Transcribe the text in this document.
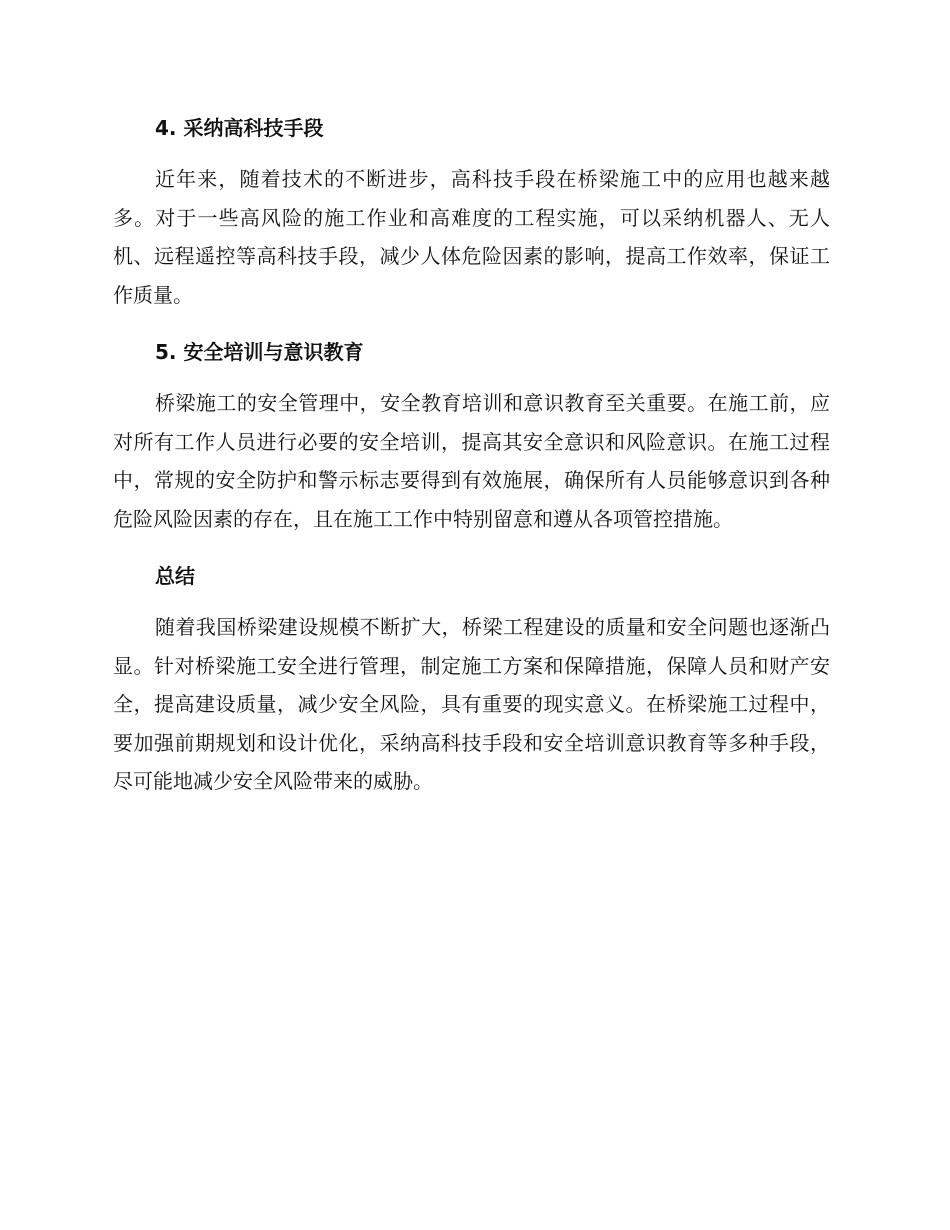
4. 采纳高科技手段

近年来，随着技术的不断进步，高科技手段在桥梁施工中的应用也越来越多。对于一些高风险的施工作业和高难度的工程实施，可以采纳机器人、无人机、远程遥控等高科技手段，减少人体危险因素的影响，提高工作效率，保证工作质量。

5. 安全培训与意识教育

桥梁施工的安全管理中，安全教育培训和意识教育至关重要。在施工前，应对所有工作人员进行必要的安全培训，提高其安全意识和风险意识。在施工过程中，常规的安全防护和警示标志要得到有效施展，确保所有人员能够意识到各种危险风险因素的存在，且在施工工作中特别留意和遵从各项管控措施。

总结

随着我国桥梁建设规模不断扩大，桥梁工程建设的质量和安全问题也逐渐凸显。针对桥梁施工安全进行管理，制定施工方案和保障措施，保障人员和财产安全，提高建设质量，减少安全风险，具有重要的现实意义。在桥梁施工过程中，要加强前期规划和设计优化，采纳高科技手段和安全培训意识教育等多种手段，尽可能地减少安全风险带来的威胁。
